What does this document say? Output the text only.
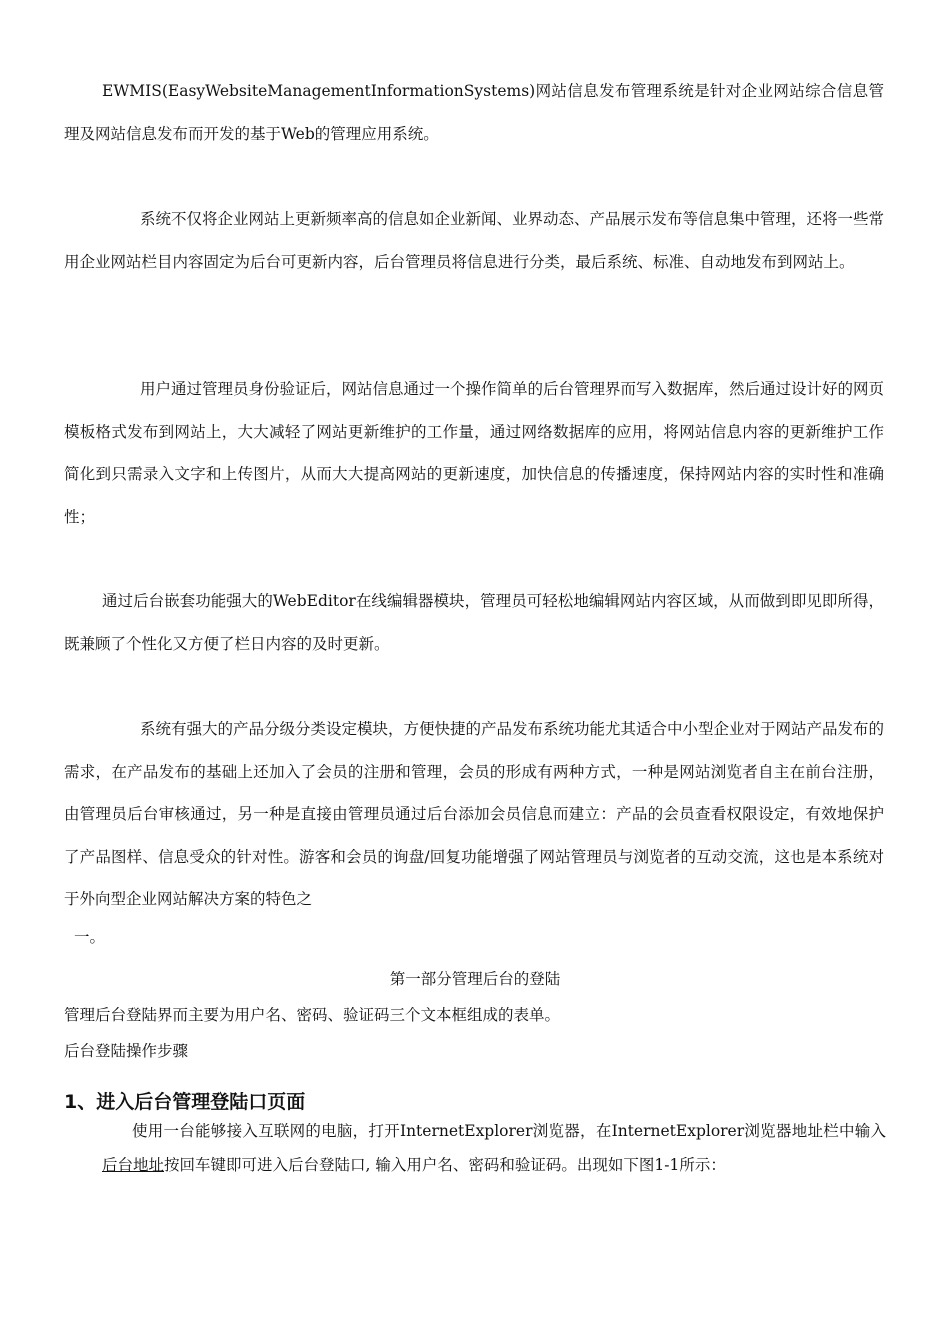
EWMIS(EasyWebsiteManagementInformationSystems)网站信息发布管理系统是针对企业网站综合信息管理及网站信息发布而开发的基于Web的管理应用系统。

系统不仅将企业网站上更新频率高的信息如企业新闻、业界动态、产品展示发布等信息集中管理，还将一些常用企业网站栏目内容固定为后台可更新内容，后台管理员将信息进行分类，最后系统、标准、自动地发布到网站上。

用户通过管理员身份验证后，网站信息通过一个操作简单的后台管理界而写入数据库，然后通过设计好的网页模板格式发布到网站上，大大减轻了网站更新维护的工作量，通过网络数据库的应用，将网站信息内容的更新维护工作简化到只需录入文字和上传图片，从而大大提高网站的更新速度，加快信息的传播速度，保持网站内容的实时性和准确性；

通过后台嵌套功能强大的WebEditor在线编辑器模块，管理员可轻松地编辑网站内容区域，从而做到即见即所得，既兼顾了个性化又方便了栏日内容的及时更新。

系统有强大的产品分级分类设定模块，方便快捷的产品发布系统功能尤其适合中小型企业对于网站产品发布的需求，在产品发布的基础上还加入了会员的注册和管理，会员的形成有两种方式，一种是网站浏览者自主在前台注册，由管理员后台审核通过，另一种是直接由管理员通过后台添加会员信息而建立：产品的会员查看权限设定，有效地保护了产品图样、信息受众的针对性。游客和会员的询盘/回复功能增强了网站管理员与浏览者的互动交流，这也是本系统对于外向型企业网站解决方案的特色之

一。

第一部分管理后台的登陆

管理后台登陆界而主要为用户名、密码、验证码三个文本框组成的表单。

后台登陆操作步骤

1、进入后台管理登陆口页面

使用一台能够接入互联网的电脑，打开InternetExplorer浏览器，在InternetExplorer浏览器地址栏中输入后台地址按回车键即可进入后台登陆口, 输入用户名、密码和验证码。出现如下图1-1所示：
